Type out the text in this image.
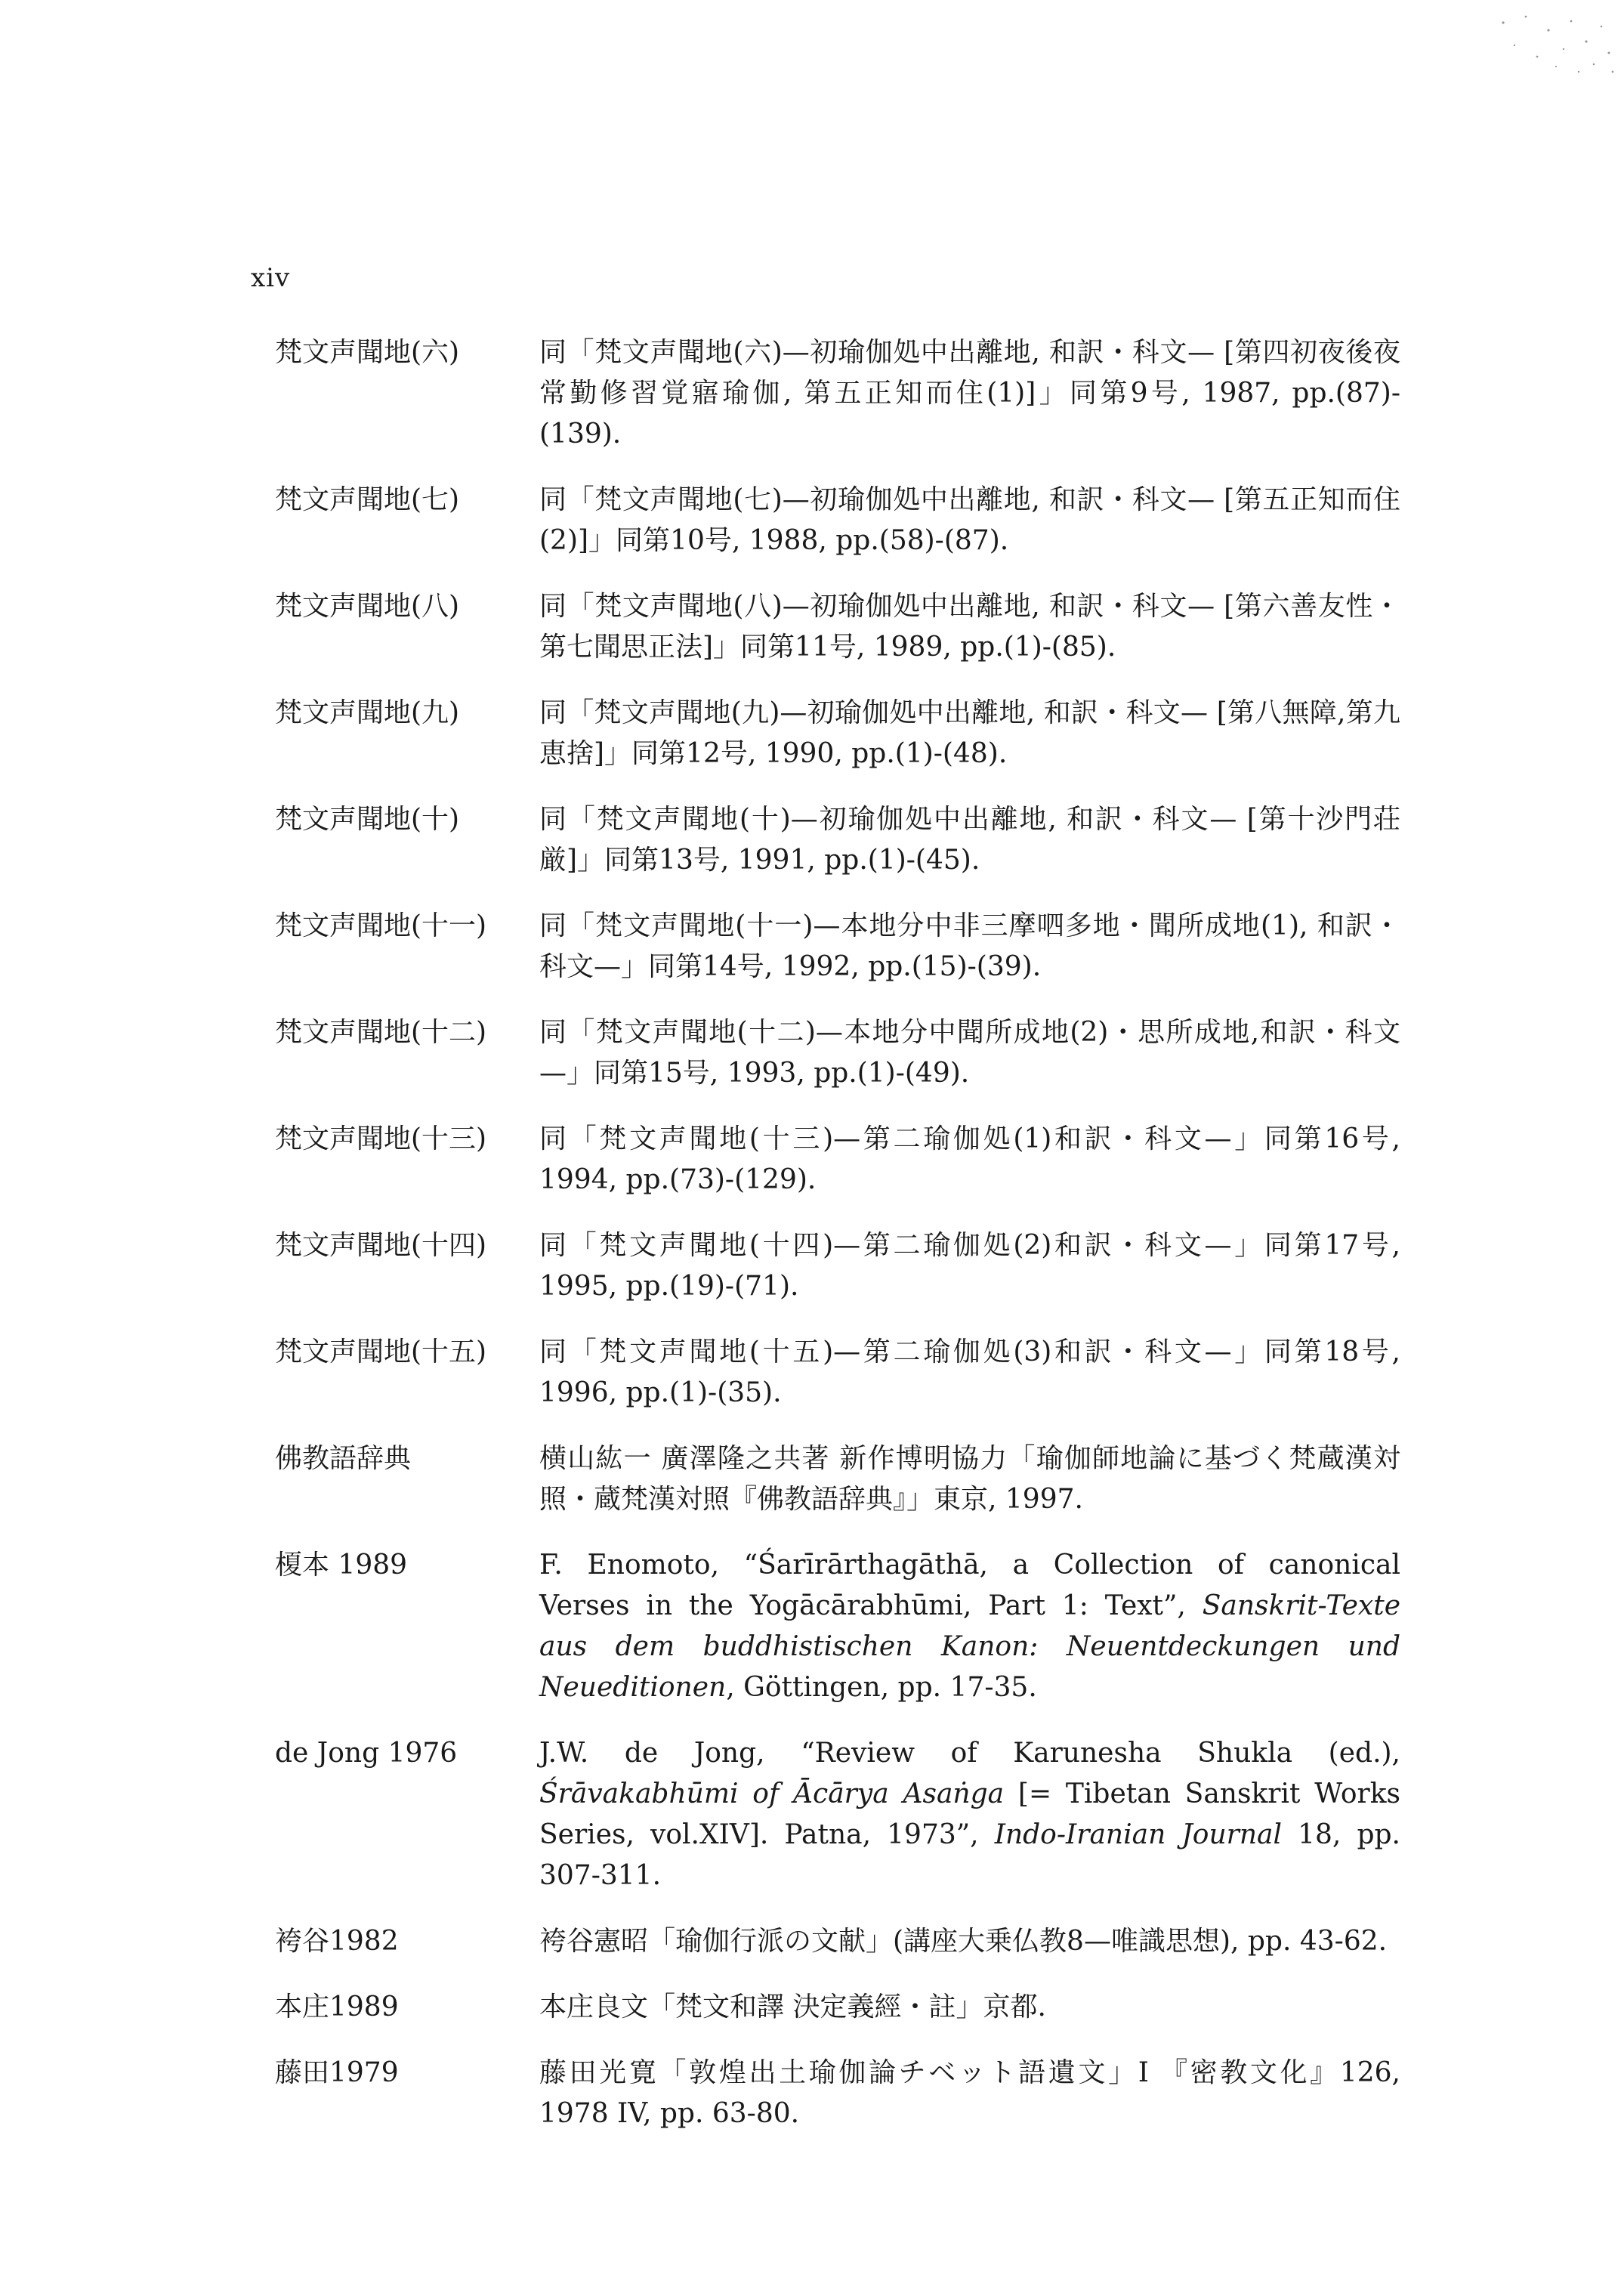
xiv
梵文声聞地(六)	同「梵文声聞地(六)—初瑜伽処中出離地, 和訳・科文— [第四初夜後夜常勤修習覚寤瑜伽, 第五正知而住(1)]」同第9号, 1987, pp.(87)-(139).
梵文声聞地(七)	同「梵文声聞地(七)—初瑜伽処中出離地, 和訳・科文— [第五正知而住(2)]」同第10号, 1988, pp.(58)-(87).
梵文声聞地(八)	同「梵文声聞地(八)—初瑜伽処中出離地, 和訳・科文— [第六善友性・第七聞思正法]」同第11号, 1989, pp.(1)-(85).
梵文声聞地(九)	同「梵文声聞地(九)—初瑜伽処中出離地, 和訳・科文— [第八無障,第九恵捨]」同第12号, 1990, pp.(1)-(48).
梵文声聞地(十)	同「梵文声聞地(十)—初瑜伽処中出離地, 和訳・科文— [第十沙門荘厳]」同第13号, 1991, pp.(1)-(45).
梵文声聞地(十一)	同「梵文声聞地(十一)—本地分中非三摩呬多地・聞所成地(1), 和訳・科文—」同第14号, 1992, pp.(15)-(39).
梵文声聞地(十二)	同「梵文声聞地(十二)—本地分中聞所成地(2)・思所成地,和訳・科文—」同第15号, 1993, pp.(1)-(49).
梵文声聞地(十三)	同「梵文声聞地(十三)—第二瑜伽処(1)和訳・科文—」同第16号, 1994, pp.(73)-(129).
梵文声聞地(十四)	同「梵文声聞地(十四)—第二瑜伽処(2)和訳・科文—」同第17号, 1995, pp.(19)-(71).
梵文声聞地(十五)	同「梵文声聞地(十五)—第二瑜伽処(3)和訳・科文—」同第18号, 1996, pp.(1)-(35).
佛教語辞典	横山紘一 廣澤隆之共著 新作博明協力「瑜伽師地論に基づく梵蔵漢対照・蔵梵漢対照『佛教語辞典』」東京, 1997.
榎本 1989	F. Enomoto, “Śarīrārthagāthā, a Collection of canonical Verses in the Yogācārabhūmi, Part 1: Text”, Sanskrit-Texte aus dem buddhistischen Kanon: Neuentdeckungen und Neueditionen, Göttingen, pp. 17-35.
de Jong 1976	J.W. de Jong, “Review of Karunesha Shukla (ed.), Śrāvakabhūmi of Ācārya Asaṅga [= Tibetan Sanskrit Works Series, vol.XIV]. Patna, 1973”, Indo-Iranian Journal 18, pp. 307-311.
袴谷1982	袴谷憲昭「瑜伽行派の文献」(講座大乗仏教8—唯識思想), pp. 43-62.
本庄1989	本庄良文「梵文和譯 決定義經・註」京都.
藤田1979	藤田光寛「敦煌出土瑜伽論チベット語遺文」I 『密教文化』126, 1978 IV, pp. 63-80.
